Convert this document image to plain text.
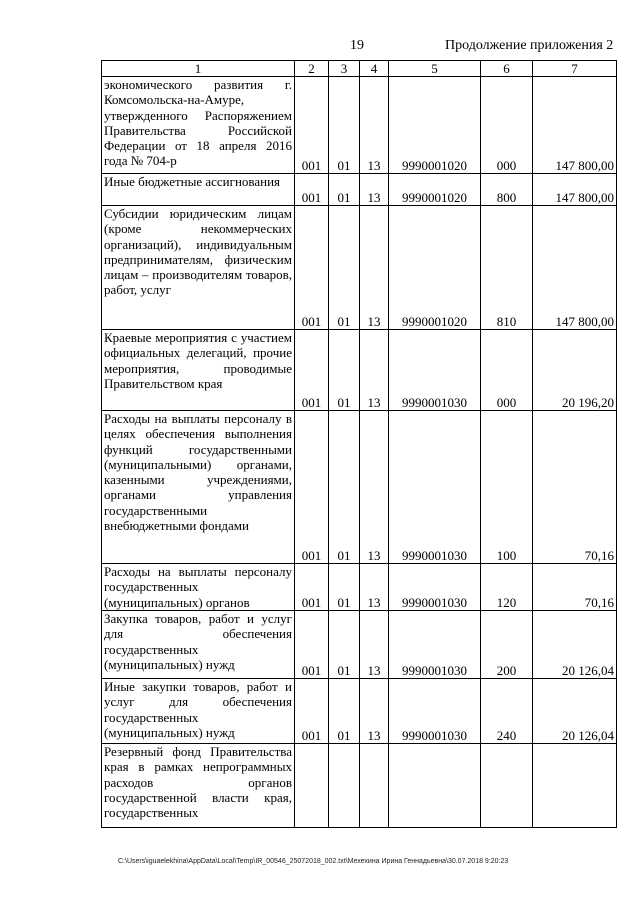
19	Продолжение приложения 2
1	2	3	4	5	6	7
экономического развития г. Комсомольска-на-Амуре, утвержденного Распоряжением Правительства Российской Федерации от 18 апреля 2016 года № 704-р	001	01	13	9990001020	000	147 800,00
Иные бюджетные ассигнования	001	01	13	9990001020	800	147 800,00
Субсидии юридическим лицам (кроме некоммерческих организаций), индивидуальным предпринимателям, физическим лицам – производителям товаров, работ, услуг	001	01	13	9990001020	810	147 800,00
Краевые мероприятия с участием официальных делегаций, прочие мероприятия, проводимые Правительством края	001	01	13	9990001030	000	20 196,20
Расходы на выплаты персоналу в целях обеспечения выполнения функций государственными (муниципальными) органами, казенными учреждениями, органами управления государственными внебюджетными фондами	001	01	13	9990001030	100	70,16
Расходы на выплаты персоналу государственных (муниципальных) органов	001	01	13	9990001030	120	70,16
Закупка товаров, работ и услуг для обеспечения государственных (муниципальных) нужд	001	01	13	9990001030	200	20 126,04
Иные закупки товаров, работ и услуг для обеспечения государственных (муниципальных) нужд	001	01	13	9990001030	240	20 126,04
Резервный фонд Правительства края в рамках непрограммных расходов органов государственной власти края, государственных						
C:\Users\iguaelekhina\AppData\Local\Temp\IR_00546_25072018_002.txt\Мехехина Ирина Геннадьевна\30.07.2018 9:20:23
